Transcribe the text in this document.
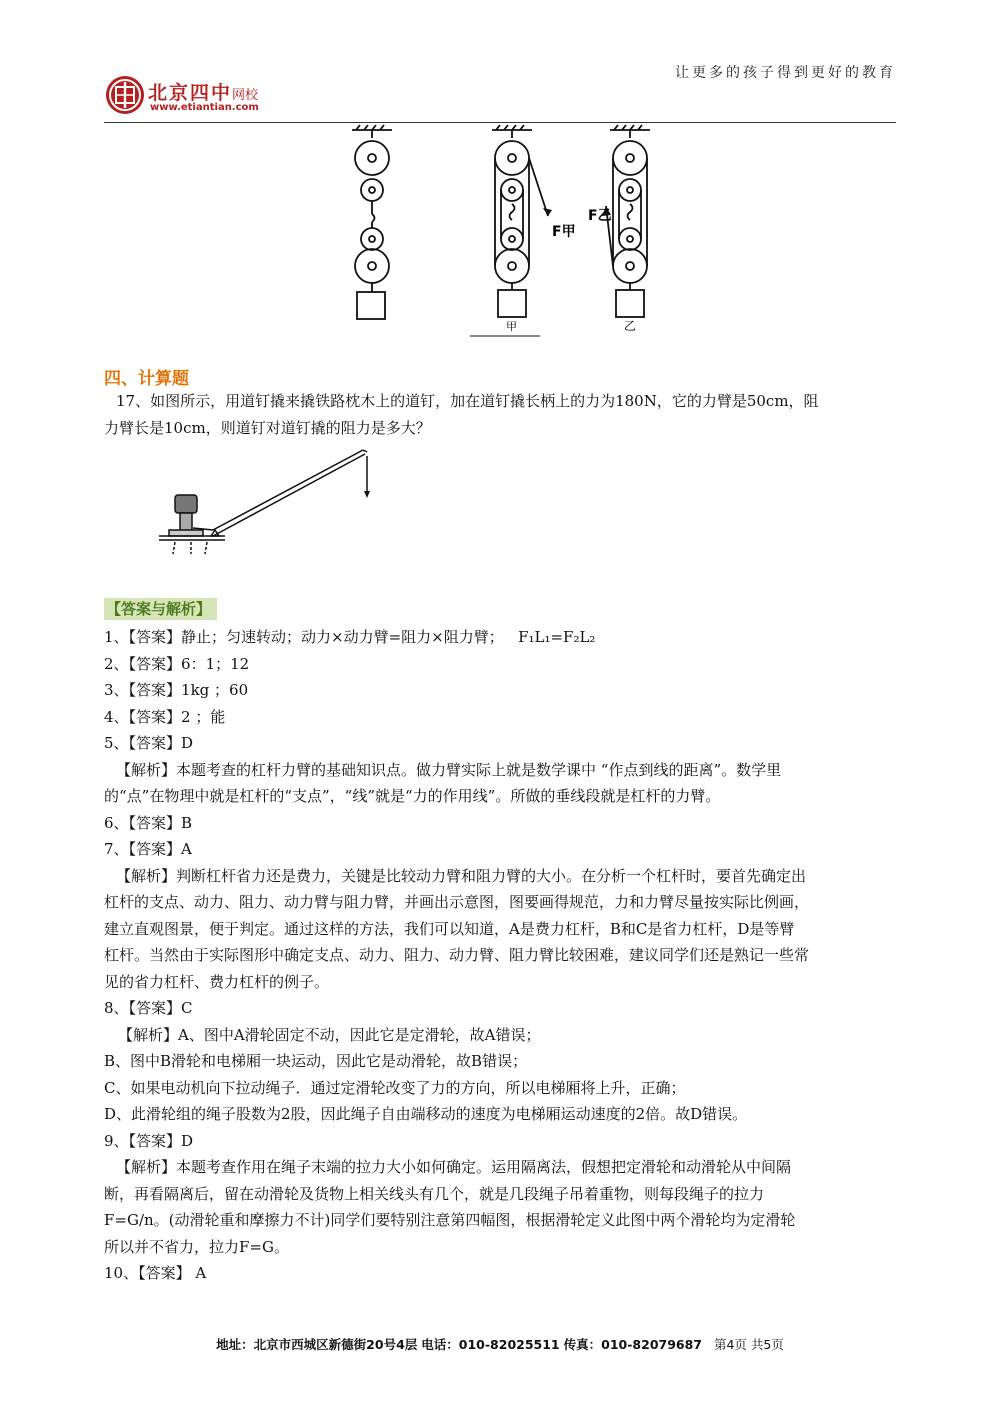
北京四中网校
www.etiantian.com
让更多的孩子得到更好的教育
F甲
F乙
甲	乙
四、计算题
17、如图所示，用道钉撬来撬铁路枕木上的道钉，加在道钉撬长柄上的力为180N，它的力臂是50cm，阻
力臂长是10cm，则道钉对道钉撬的阻力是多大？
【答案与解析】
1、【答案】静止；匀速转动；动力×动力臂=阻力×阻力臂； F₁L₁=F₂L₂
2、【答案】6：1；12
3、【答案】1kg ；60
4、【答案】2 ；能
5、【答案】D
【解析】本题考查的杠杆力臂的基础知识点。做力臂实际上就是数学课中 “作点到线的距离”。数学里
的“点”在物理中就是杠杆的“支点”，“线”就是“力的作用线”。所做的垂线段就是杠杆的力臂。
6、【答案】B
7、【答案】A
【解析】判断杠杆省力还是费力，关键是比较动力臂和阻力臂的大小。在分析一个杠杆时，要首先确定出
杠杆的支点、动力、阻力、动力臂与阻力臂，并画出示意图，图要画得规范，力和力臂尽量按实际比例画，
建立直观图景，便于判定。通过这样的方法，我们可以知道，A是费力杠杆，B和C是省力杠杆，D是等臂
杠杆。当然由于实际图形中确定支点、动力、阻力、动力臂、阻力臂比较困难，建议同学们还是熟记一些常
见的省力杠杆、费力杠杆的例子。
8、【答案】C
【解析】A、图中A滑轮固定不动，因此它是定滑轮，故A错误；
B、图中B滑轮和电梯厢一块运动，因此它是动滑轮，故B错误；
C、如果电动机向下拉动绳子．通过定滑轮改变了力的方向，所以电梯厢将上升，正确；
D、此滑轮组的绳子股数为2股，因此绳子自由端移动的速度为电梯厢运动速度的2倍。故D错误。
9、【答案】D
【解析】本题考查作用在绳子末端的拉力大小如何确定。运用隔离法，假想把定滑轮和动滑轮从中间隔
断，再看隔离后，留在动滑轮及货物上相关线头有几个，就是几段绳子吊着重物，则每段绳子的拉力
F=G/n。(动滑轮重和摩擦力不计)同学们要特别注意第四幅图，根据滑轮定义此图中两个滑轮均为定滑轮
所以并不省力，拉力F=G。
10、【答案】 A
地址：北京市西城区新德街20号4层 电话：010-82025511 传真：010-82079687 第4页 共5页
